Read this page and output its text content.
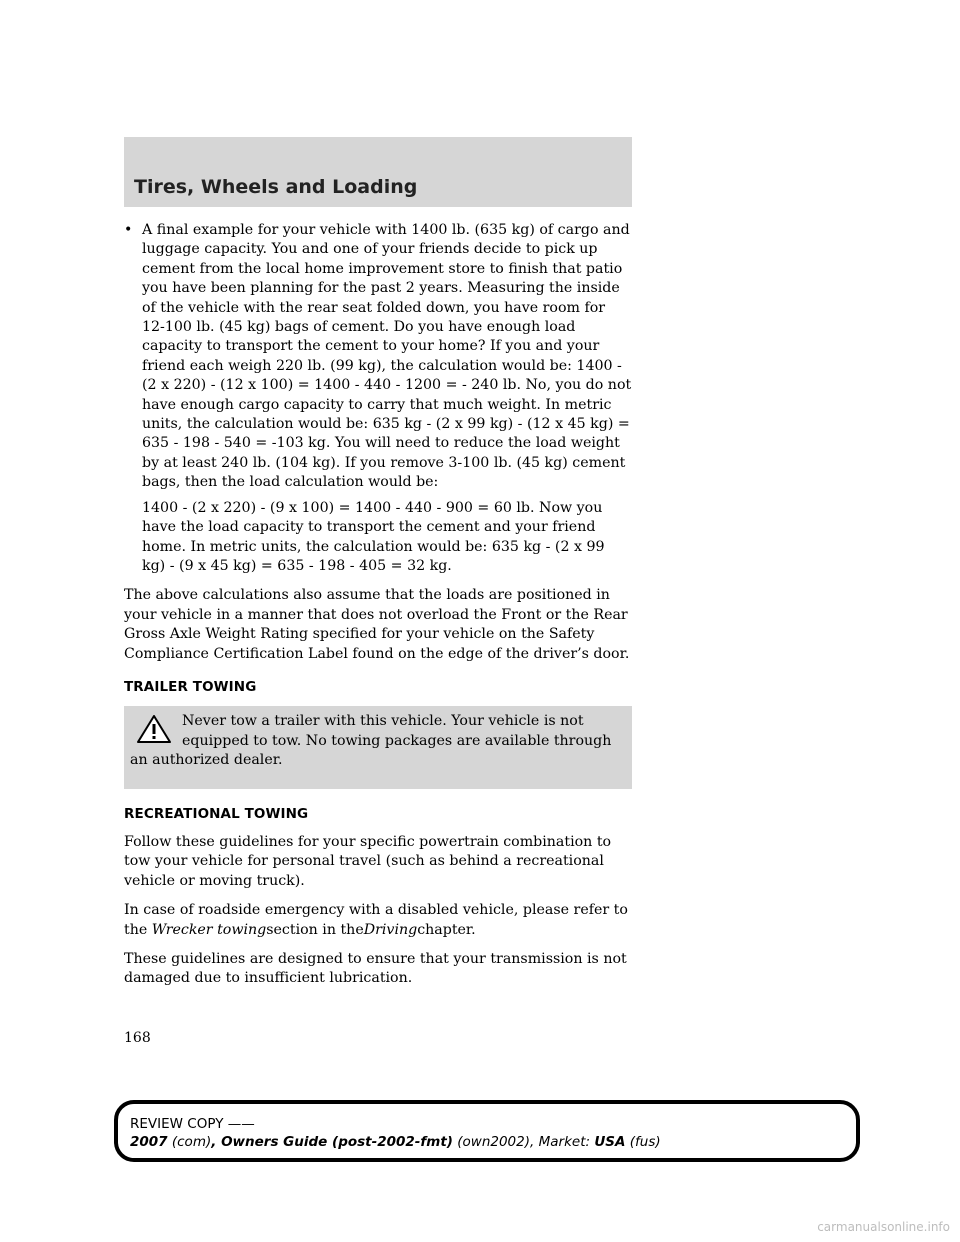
Tires, Wheels and Loading
• A final example for your vehicle with 1400 lb. (635 kg) of cargo and luggage capacity. You and one of your friends decide to pick up cement from the local home improvement store to finish that patio you have been planning for the past 2 years. Measuring the inside of the vehicle with the rear seat folded down, you have room for 12-100 lb. (45 kg) bags of cement. Do you have enough load capacity to transport the cement to your home? If you and your friend each weigh 220 lb. (99 kg), the calculation would be: 1400 - (2 x 220) - (12 x 100) = 1400 - 440 - 1200 = - 240 lb. No, you do not have enough cargo capacity to carry that much weight. In metric units, the calculation would be: 635 kg - (2 x 99 kg) - (12 x 45 kg) = 635 - 198 - 540 = -103 kg. You will need to reduce the load weight by at least 240 lb. (104 kg). If you remove 3-100 lb. (45 kg) cement bags, then the load calculation would be:

1400 - (2 x 220) - (9 x 100) = 1400 - 440 - 900 = 60 lb. Now you have the load capacity to transport the cement and your friend home. In metric units, the calculation would be: 635 kg - (2 x 99 kg) - (9 x 45 kg) = 635 - 198 - 405 = 32 kg.

The above calculations also assume that the loads are positioned in your vehicle in a manner that does not overload the Front or the Rear Gross Axle Weight Rating specified for your vehicle on the Safety Compliance Certification Label found on the edge of the driver’s door.

TRAILER TOWING

Never tow a trailer with this vehicle. Your vehicle is not equipped to tow. No towing packages are available through an authorized dealer.

RECREATIONAL TOWING

Follow these guidelines for your specific powertrain combination to tow your vehicle for personal travel (such as behind a recreational vehicle or moving truck).

In case of roadside emergency with a disabled vehicle, please refer to the Wrecker towingsection in theDrivingchapter.

These guidelines are designed to ensure that your transmission is not damaged due to insufficient lubrication.

168
REVIEW COPY ——
2007 (com), Owners Guide (post-2002-fmt) (own2002), Market: USA (fus)
carmanualsonline.info
